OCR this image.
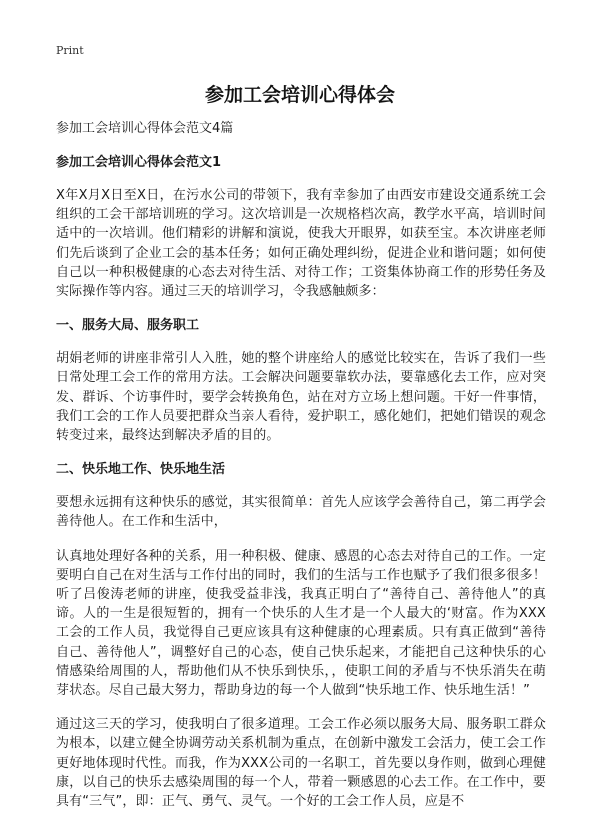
Print
参加工会培训心得体会

参加工会培训心得体会范文4篇

参加工会培训心得体会范文1

X年X月X日至X日，在污水公司的带领下，我有幸参加了由西安市建设交通系统工会组织的工会干部培训班的学习。这次培训是一次规格档次高，教学水平高，培训时间适中的一次培训。他们精彩的讲解和演说，使我大开眼界，如获至宝。本次讲座老师们先后谈到了企业工会的基本任务；如何正确处理纠纷，促进企业和谐问题；如何使自己以一种积极健康的心态去对待生活、对待工作；工资集体协商工作的形势任务及实际操作等内容。通过三天的培训学习，令我感触颇多：

一、服务大局、服务职工

胡娟老师的讲座非常引人入胜，她的整个讲座给人的感觉比较实在，告诉了我们一些日常处理工会工作的常用方法。工会解决问题要靠软办法，要靠感化去工作，应对突发、群诉、个访事件时，要学会转换角色，站在对方立场上想问题。干好一件事情，我们工会的工作人员要把群众当亲人看待，爱护职工，感化她们，把她们错误的观念转变过来，最终达到解决矛盾的目的。

二、快乐地工作、快乐地生活

要想永远拥有这种快乐的感觉，其实很简单：首先人应该学会善待自己，第二再学会善待他人。在工作和生活中，

认真地处理好各种的关系，用一种积极、健康、感恩的心态去对待自己的工作。一定要明白自己在对生活与工作付出的同时，我们的生活与工作也赋予了我们很多很多！ 听了吕俊涛老师的讲座，使我受益非浅，我真正明白了“善待自己、善待他人”的真谛。人的一生是很短暂的，拥有一个快乐的人生才是一个人最大的‘财富。作为XXX工会的工作人员，我觉得自己更应该具有这种健康的心理素质。只有真正做到“善待自己、善待他人”，调整好自己的心态，使自己快乐起来，才能把自己这种快乐的心情感染给周围的人，帮助他们从不快乐到快乐，，使职工间的矛盾与不快乐消失在萌芽状态。尽自己最大努力，帮助身边的每一个人做到“快乐地工作、快乐地生活！”

通过这三天的学习，使我明白了很多道理。工会工作必须以服务大局、服务职工群众为根本，以建立健全协调劳动关系机制为重点，在创新中激发工会活力，使工会工作更好地体现时代性。而我，作为XXX公司的一名职工，首先要以身作则，做到心理健康，以自己的快乐去感染周围的每一个人，带着一颗感恩的心去工作。在工作中，要具有“三气”，即：正气、勇气、灵气。一个好的工会工作人员，应是不
